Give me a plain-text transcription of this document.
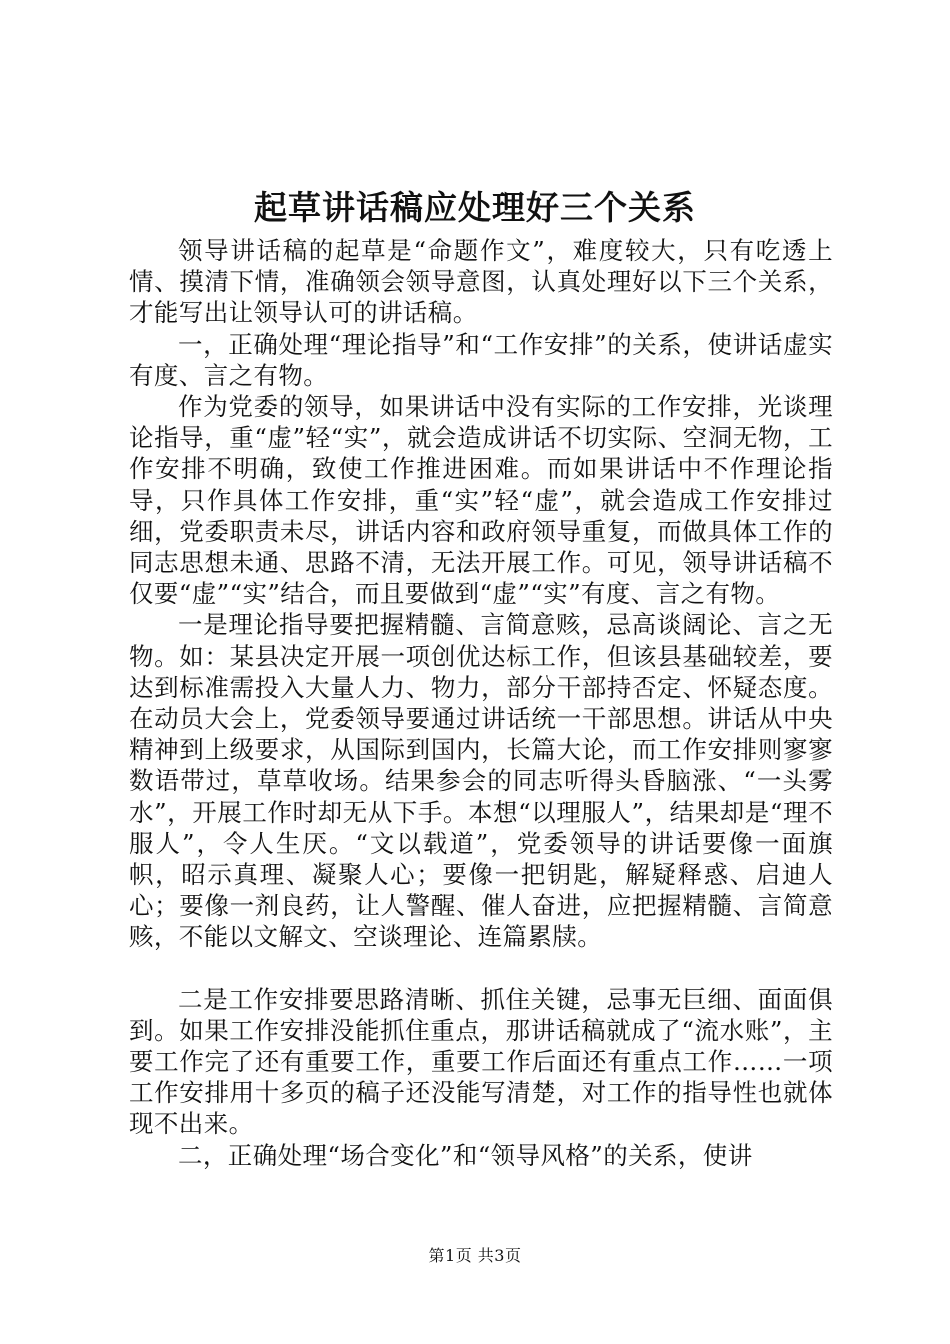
起草讲话稿应处理好三个关系

领导讲话稿的起草是“命题作文”，难度较大，只有吃透上情、摸清下情，准确领会领导意图，认真处理好以下三个关系，才能写出让领导认可的讲话稿。

一，正确处理“理论指导”和“工作安排”的关系，使讲话虚实有度、言之有物。

作为党委的领导，如果讲话中没有实际的工作安排，光谈理论指导，重“虚”轻“实”，就会造成讲话不切实际、空洞无物，工作安排不明确，致使工作推进困难。而如果讲话中不作理论指导，只作具体工作安排，重“实”轻“虚”，就会造成工作安排过细，党委职责未尽，讲话内容和政府领导重复，而做具体工作的同志思想未通、思路不清，无法开展工作。可见，领导讲话稿不仅要“虚”“实”结合，而且要做到“虚”“实”有度、言之有物。

一是理论指导要把握精髓、言简意赅，忌高谈阔论、言之无物。如：某县决定开展一项创优达标工作，但该县基础较差，要达到标准需投入大量人力、物力，部分干部持否定、怀疑态度。在动员大会上，党委领导要通过讲话统一干部思想。讲话从中央精神到上级要求，从国际到国内，长篇大论，而工作安排则寥寥数语带过，草草收场。结果参会的同志听得头昏脑涨、“一头雾水”，开展工作时却无从下手。本想“以理服人”，结果却是“理不服人”，令人生厌。“文以载道”，党委领导的讲话要像一面旗帜，昭示真理、凝聚人心；要像一把钥匙，解疑释惑、启迪人心；要像一剂良药，让人警醒、催人奋进，应把握精髓、言简意赅，不能以文解文、空谈理论、连篇累牍。

二是工作安排要思路清晰、抓住关键，忌事无巨细、面面俱到。如果工作安排没能抓住重点，那讲话稿就成了“流水账”，主要工作完了还有重要工作，重要工作后面还有重点工作……一项工作安排用十多页的稿子还没能写清楚，对工作的指导性也就体现不出来。

二，正确处理“场合变化”和“领导风格”的关系，使讲

第1页 共3页
